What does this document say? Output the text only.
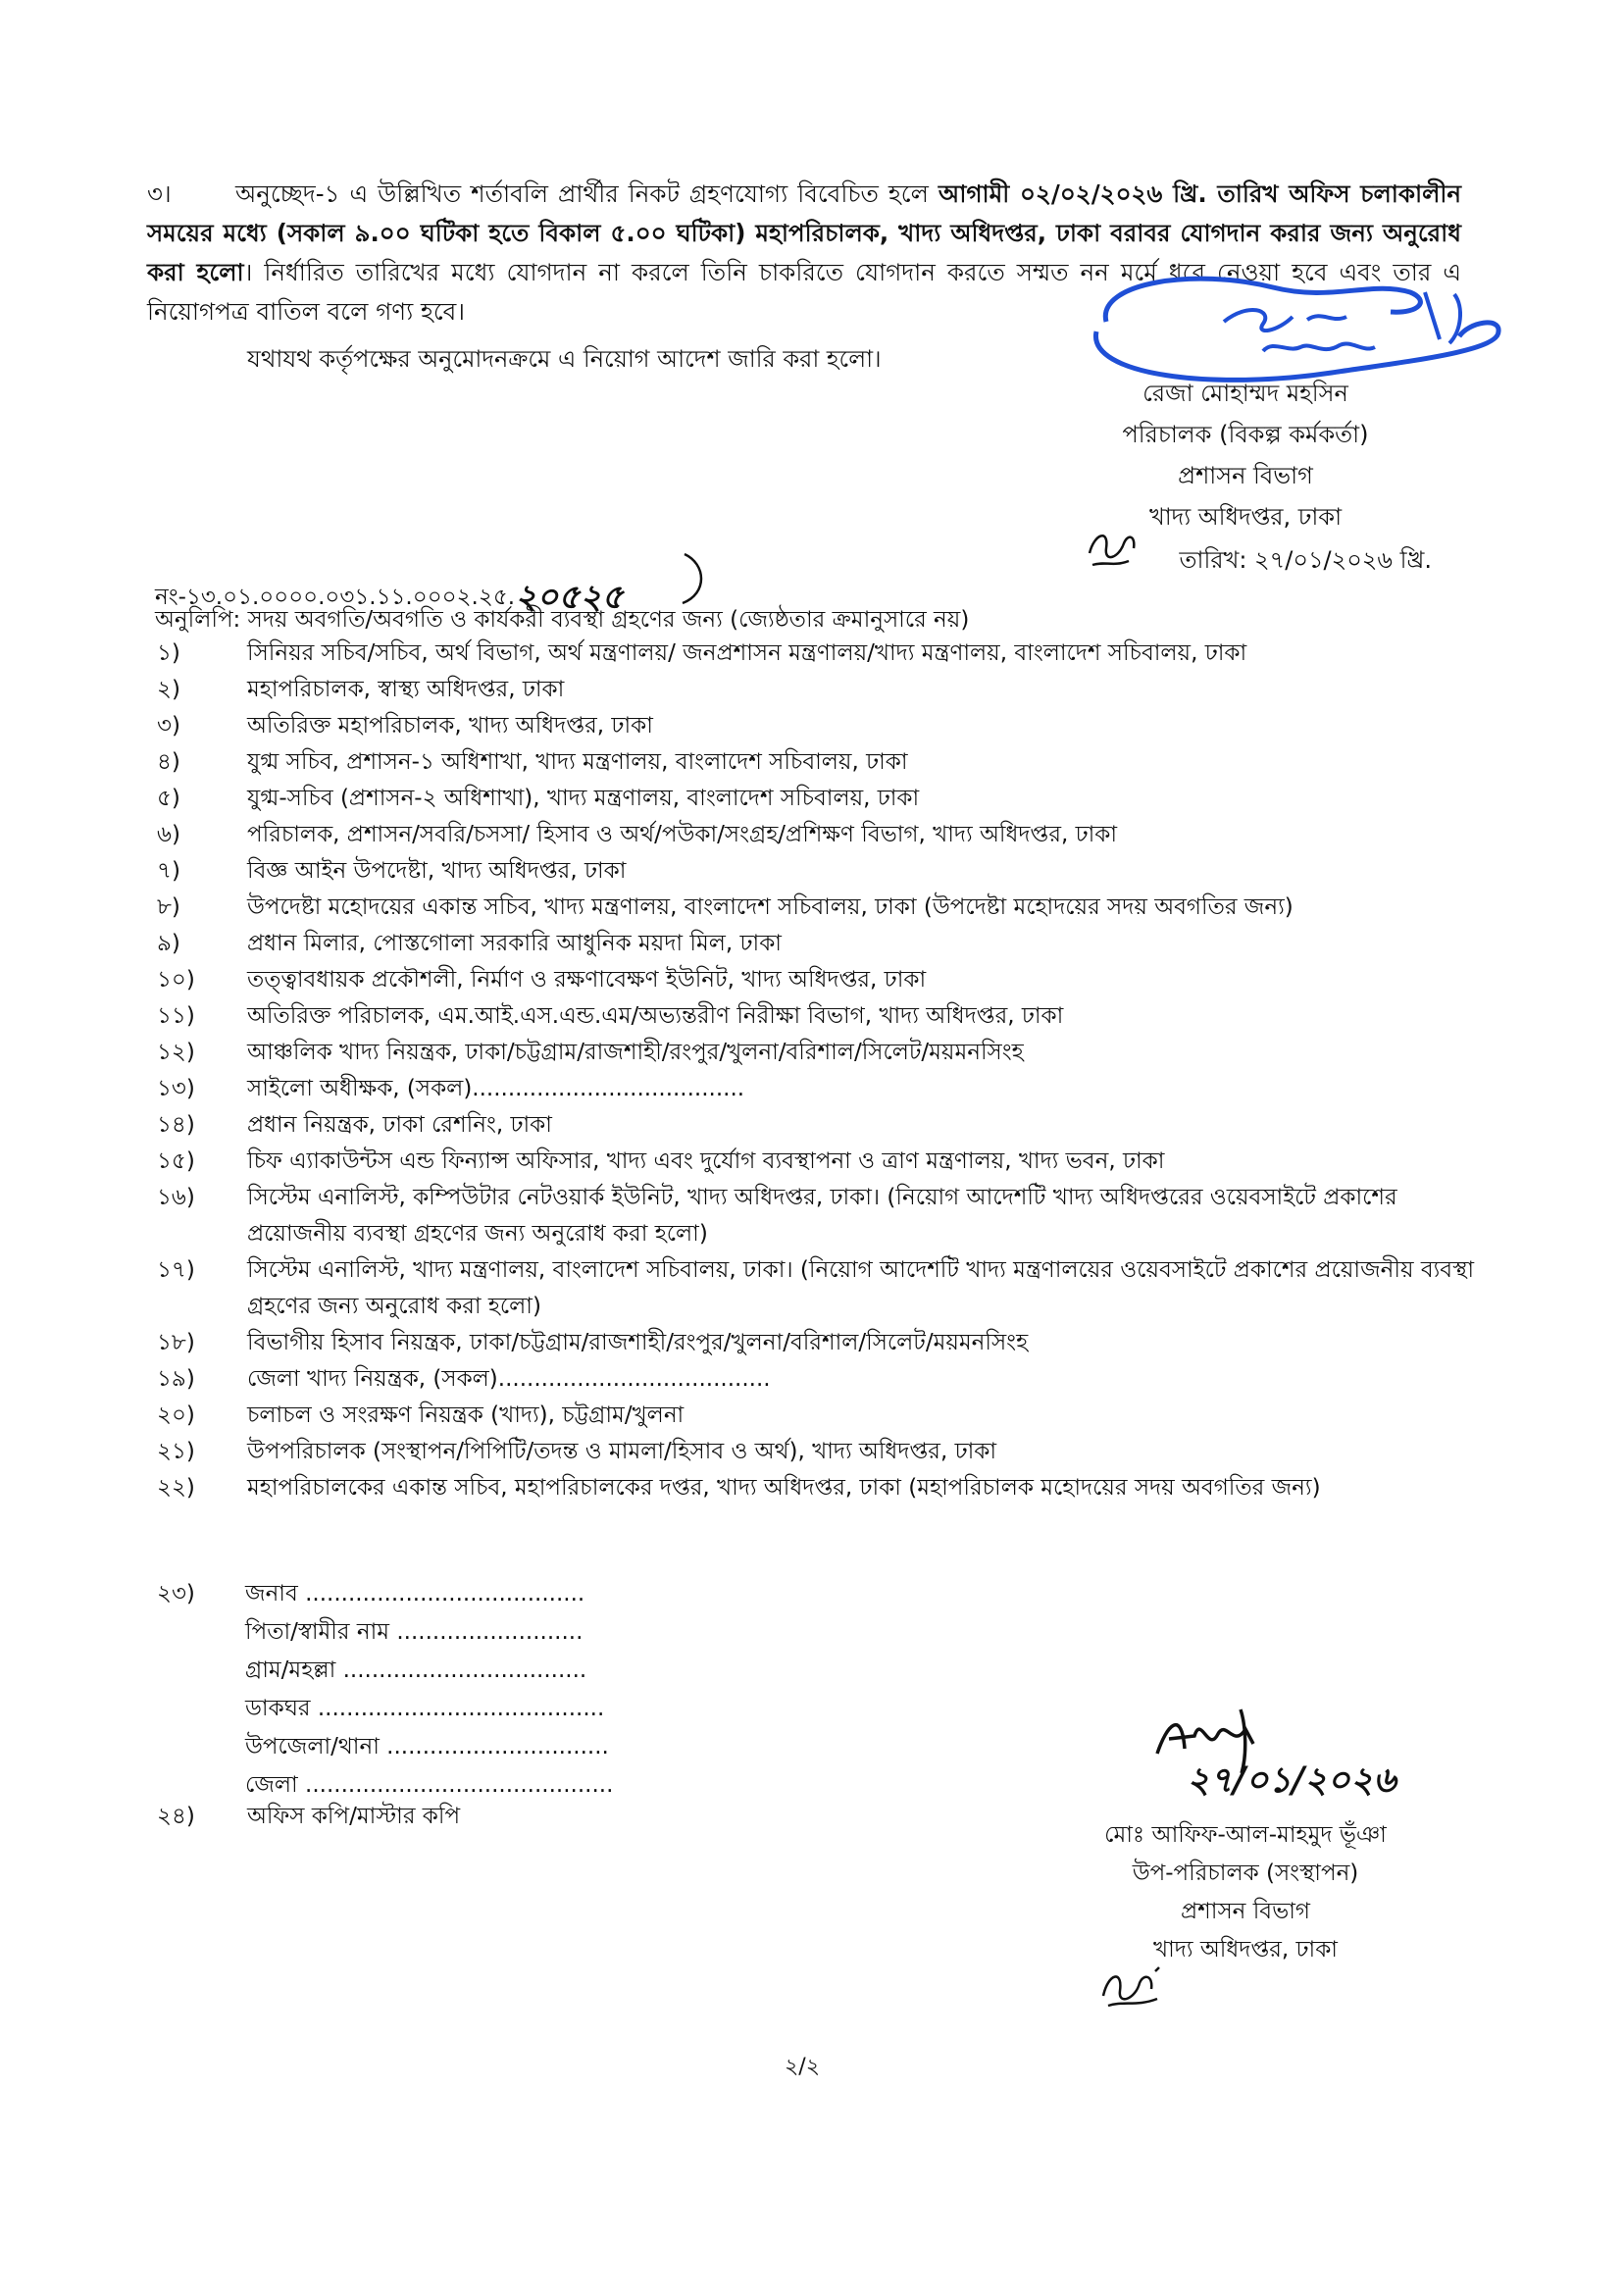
৩।	অনুচ্ছেদ-১ এ উল্লিখিত শর্তাবলি প্রার্থীর নিকট গ্রহণযোগ্য বিবেচিত হলে আগামী ০২/০২/২০২৬ খ্রি. তারিখ অফিস চলাকালীন সময়ের মধ্যে (সকাল ৯.০০ ঘটিকা হতে বিকাল ৫.০০ ঘটিকা) মহাপরিচালক, খাদ্য অধিদপ্তর, ঢাকা বরাবর যোগদান করার জন্য অনুরোধ করা হলো। নির্ধারিত তারিখের মধ্যে যোগদান না করলে তিনি চাকরিতে যোগদান করতে সম্মত নন মর্মে ধরে নেওয়া হবে এবং তার এ নিয়োগপত্র বাতিল বলে গণ্য হবে।
যথাযথ কর্তৃপক্ষের অনুমোদনক্রমে এ নিয়োগ আদেশ জারি করা হলো।
রেজা মোহাম্মদ মহসিন
পরিচালক (বিকল্প কর্মকর্তা)
প্রশাসন বিভাগ
খাদ্য অধিদপ্তর, ঢাকা
তারিখ: ২৭/০১/২০২৬ খ্রি.
নং-১৩.০১.০০০০.০৩১.১১.০০০২.২৫.২০৫২৫
অনুলিপি: সদয় অবগতি/অবগতি ও কার্যকরী ব্যবস্থা গ্রহণের জন্য (জ্যেষ্ঠতার ক্রমানুসারে নয়)
১)	সিনিয়র সচিব/সচিব, অর্থ বিভাগ, অর্থ মন্ত্রণালয়/ জনপ্রশাসন মন্ত্রণালয়/খাদ্য মন্ত্রণালয়, বাংলাদেশ সচিবালয়, ঢাকা
২)	মহাপরিচালক, স্বাস্থ্য অধিদপ্তর, ঢাকা
৩)	অতিরিক্ত মহাপরিচালক, খাদ্য অধিদপ্তর, ঢাকা
৪)	যুগ্ম সচিব, প্রশাসন-১ অধিশাখা, খাদ্য মন্ত্রণালয়, বাংলাদেশ সচিবালয়, ঢাকা
৫)	যুগ্ম-সচিব (প্রশাসন-২ অধিশাখা), খাদ্য মন্ত্রণালয়, বাংলাদেশ সচিবালয়, ঢাকা
৬)	পরিচালক, প্রশাসন/সবরি/চসসা/ হিসাব ও অর্থ/পউকা/সংগ্রহ/প্রশিক্ষণ বিভাগ, খাদ্য অধিদপ্তর, ঢাকা
৭)	বিজ্ঞ আইন উপদেষ্টা, খাদ্য অধিদপ্তর, ঢাকা
৮)	উপদেষ্টা মহোদয়ের একান্ত সচিব, খাদ্য মন্ত্রণালয়, বাংলাদেশ সচিবালয়, ঢাকা (উপদেষ্টা মহোদয়ের সদয় অবগতির জন্য)
৯)	প্রধান মিলার, পোস্তগোলা সরকারি আধুনিক ময়দা মিল, ঢাকা
১০)	তত্ত্বাবধায়ক প্রকৌশলী, নির্মাণ ও রক্ষণাবেক্ষণ ইউনিট, খাদ্য অধিদপ্তর, ঢাকা
১১)	অতিরিক্ত পরিচালক, এম.আই.এস.এন্ড.এম/অভ্যন্তরীণ নিরীক্ষা বিভাগ, খাদ্য অধিদপ্তর, ঢাকা
১২)	আঞ্চলিক খাদ্য নিয়ন্ত্রক, ঢাকা/চট্টগ্রাম/রাজশাহী/রংপুর/খুলনা/বরিশাল/সিলেট/ময়মনসিংহ
১৩)	সাইলো অধীক্ষক, (সকল)......................................
১৪)	প্রধান নিয়ন্ত্রক, ঢাকা রেশনিং, ঢাকা
১৫)	চিফ এ্যাকাউন্টস এন্ড ফিন্যান্স অফিসার, খাদ্য এবং দুর্যোগ ব্যবস্থাপনা ও ত্রাণ মন্ত্রণালয়, খাদ্য ভবন, ঢাকা
১৬)	সিস্টেম এনালিস্ট, কম্পিউটার নেটওয়ার্ক ইউনিট, খাদ্য অধিদপ্তর, ঢাকা। (নিয়োগ আদেশটি খাদ্য অধিদপ্তরের ওয়েবসাইটে প্রকাশের প্রয়োজনীয় ব্যবস্থা গ্রহণের জন্য অনুরোধ করা হলো)
১৭)	সিস্টেম এনালিস্ট, খাদ্য মন্ত্রণালয়, বাংলাদেশ সচিবালয়, ঢাকা। (নিয়োগ আদেশটি খাদ্য মন্ত্রণালয়ের ওয়েবসাইটে প্রকাশের প্রয়োজনীয় ব্যবস্থা গ্রহণের জন্য অনুরোধ করা হলো)
১৮)	বিভাগীয় হিসাব নিয়ন্ত্রক, ঢাকা/চট্টগ্রাম/রাজশাহী/রংপুর/খুলনা/বরিশাল/সিলেট/ময়মনসিংহ
১৯)	জেলা খাদ্য নিয়ন্ত্রক, (সকল)......................................
২০)	চলাচল ও সংরক্ষণ নিয়ন্ত্রক (খাদ্য), চট্টগ্রাম/খুলনা
২১)	উপপরিচালক (সংস্থাপন/পিপিটি/তদন্ত ও মামলা/হিসাব ও অর্থ), খাদ্য অধিদপ্তর, ঢাকা
২২)	মহাপরিচালকের একান্ত সচিব, মহাপরিচালকের দপ্তর, খাদ্য অধিদপ্তর, ঢাকা (মহাপরিচালক মহোদয়ের সদয় অবগতির জন্য)
২৩) জনাব .......................................
পিতা/স্বামীর নাম ..........................
গ্রাম/মহল্লা ..................................
ডাকঘর ........................................
উপজেলা/থানা ...............................
জেলা ...........................................
২৪)	অফিস কপি/মাস্টার কপি
২৭/০১/২০২৬
মোঃ আফিফ-আল-মাহমুদ ভূঁঞা
উপ-পরিচালক (সংস্থাপন)
প্রশাসন বিভাগ
খাদ্য অধিদপ্তর, ঢাকা
২/২
